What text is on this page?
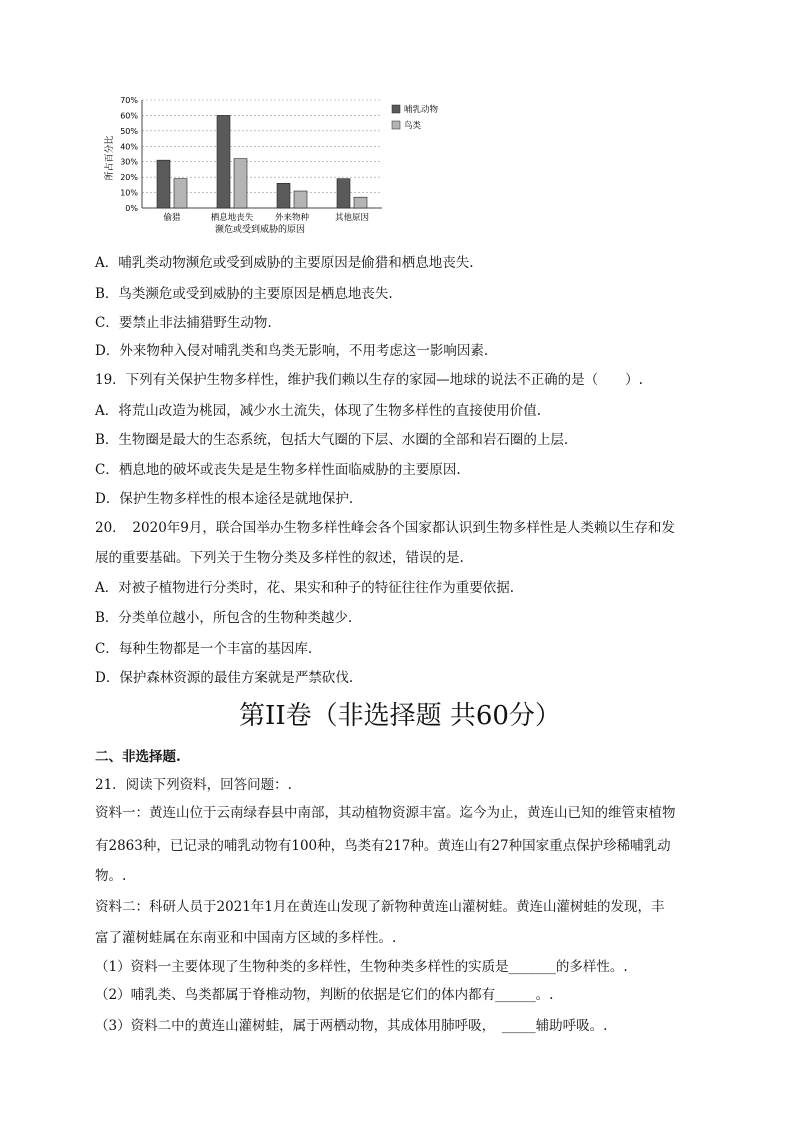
所占百分比
濒危或受到威胁的原因
0%
10%
20%
30%
40%
50%
60%
70%
偷猎	栖息地丧失	外来物种	其他原因
哺乳动物
鸟类
A．哺乳类动物濒危或受到威胁的主要原因是偷猎和栖息地丧失.
B．鸟类濒危或受到威胁的主要原因是栖息地丧失.
C．要禁止非法捕猎野生动物.
D．外来物种入侵对哺乳类和鸟类无影响，不用考虑这一影响因素.
19．下列有关保护生物多样性，维护我们赖以生存的家园—地球的说法不正确的是（　　）.
A．将荒山改造为桃园，减少水土流失，体现了生物多样性的直接使用价值.
B．生物圈是最大的生态系统，包括大气圈的下层、水圈的全部和岩石圈的上层.
C．栖息地的破坏或丧失是是生物多样性面临威胁的主要原因.
D．保护生物多样性的根本途径是就地保护.
20．　2020年9月，联合国举办生物多样性峰会各个国家都认识到生物多样性是人类赖以生存和发
展的重要基础。下列关于生物分类及多样性的叙述，错误的是.
A．对被子植物进行分类时，花、果实和种子的特征往往作为重要依据.
B．分类单位越小，所包含的生物种类越少.
C．每种生物都是一个丰富的基因库.
D．保护森林资源的最佳方案就是严禁砍伐.
第II卷（非选择题 共60分）
二、非选择题.
21．阅读下列资料，回答问题：.
资料一：黄连山位于云南绿春县中南部，其动植物资源丰富。迄今为止，黄连山已知的维管束植物
有2863种，已记录的哺乳动物有100种，鸟类有217种。黄连山有27种国家重点保护珍稀哺乳动
物。.
资料二：科研人员于2021年1月在黄连山发现了新物种黄连山灌树蛙。黄连山灌树蛙的发现，丰
富了灌树蛙属在东南亚和中国南方区域的多样性。.
（1）资料一主要体现了生物种类的多样性，生物种类多样性的实质是_______的多样性。.
（2）哺乳类、鸟类都属于脊椎动物，判断的依据是它们的体内都有______。.
（3）资料二中的黄连山灌树蛙，属于两栖动物，其成体用肺呼吸，　_____辅助呼吸。.
